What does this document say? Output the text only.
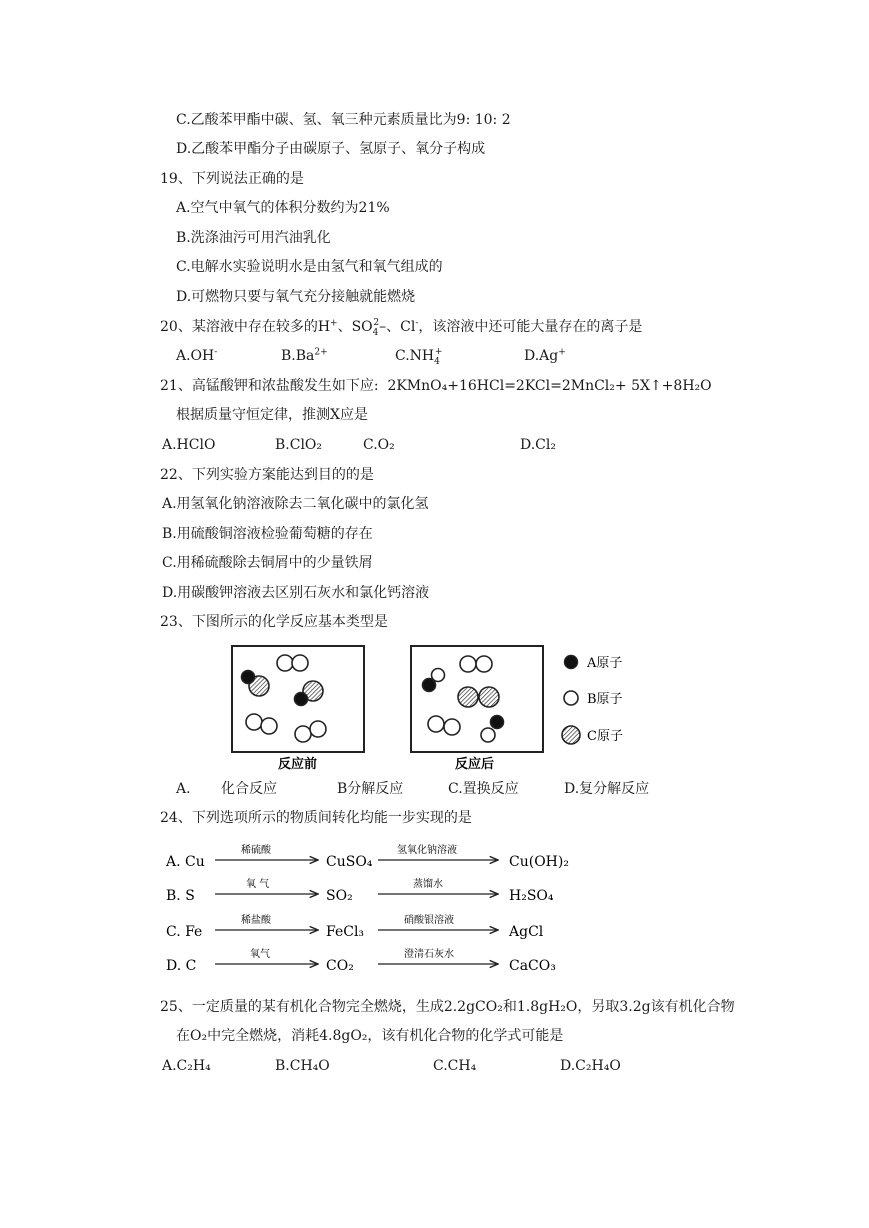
C.乙酸苯甲酯中碳、氢、氧三种元素质量比为9: 10: 2
D.乙酸苯甲酯分子由碳原子、氢原子、氧分子构成
19、下列说法正确的是
A.空气中氧气的体积分数约为21%
B.洗涤油污可用汽油乳化
C.电解水实验说明水是由氢气和氧气组成的
D.可燃物只要与氧气充分接触就能燃烧
20、某溶液中存在较多的H+、$SO_4^2-$、Cl-，该溶液中还可能大量存在的离子是
A.OH-	$B.Ba^{2+}$	$C.NH_4^+$	D.Ag+
21、高锰酸钾和浓盐酸发生如下应: 2KMnO₄+16HCl=2KCl=2MnCl₂+ 5X↑+8H₂O
根据质量守恒定律，推测X应是
A.HClO	B.ClO₂	C.O₂	D.Cl₂
22、下列实验方案能达到目的的是
A.用氢氧化钠溶液除去二氧化碳中的氯化氢
B.用硫酸铜溶液检验葡萄糖的存在
C.用稀硫酸除去铜屑中的少量铁屑
D.用碳酸钾溶液去区别石灰水和氯化钙溶液
23、下图所示的化学反应基本类型是
A原子
B原子
C原子
反应前	反应后
A. 化合反应	B分解反应	C.置换反应	D.复分解反应
24、下列选项所示的物质间转化均能一步实现的是
A. Cu
稀硫酸
CuSO₄
氢氧化钠溶液
Cu(OH)₂
B. S
氧 气
SO₂
蒸馏水
H₂SO₄
C. Fe
稀盐酸
FeCl₃
硝酸银溶液
AgCl
D. C
氧气
CO₂
澄清石灰水
CaCO₃
25、一定质量的某有机化合物完全燃烧，生成2.2gCO₂和1.8gH₂O，另取3.2g该有机化合物
在O₂中完全燃烧，消耗4.8gO₂，该有机化合物的化学式可能是
A.C₂H₄	B.CH₄O	C.CH₄	D.C₂H₄O
